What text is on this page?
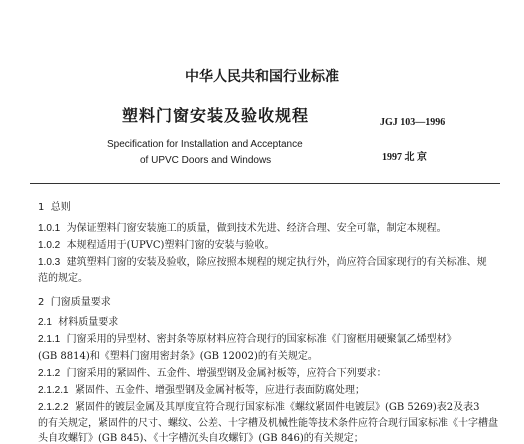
中华人民共和国行业标准
塑料门窗安装及验收规程	JGJ 103—1996
Specification for Installation and Acceptance
of UPVC Doors and Windows	1997 北 京
1 总则
1.0.1 为保证塑料门窗安装施工的质量，做到技术先进、经济合理、安全可靠，制定本规程。
1.0.2 本规程适用于(UPVC)塑料门窗的安装与验收。
1.0.3 建筑塑料门窗的安装及验收，除应按照本规程的规定执行外，尚应符合国家现行的有关标准、规
范的规定。
2 门窗质量要求
2.1 材料质量要求
2.1.1 门窗采用的异型材、密封条等原材料应符合现行的国家标准《门窗框用硬聚氯乙烯型材》
(GB 8814)和《塑料门窗用密封条》(GB 12002)的有关规定。
2.1.2 门窗采用的紧固件、五金件、增强型钢及金属衬板等，应符合下列要求：
2.1.2.1 紧固件、五金件、增强型钢及金属衬板等，应进行表面防腐处理；
2.1.2.2 紧固件的镀层金属及其厚度宜符合现行国家标准《螺纹紧固件电镀层》(GB 5269)表2及表3
的有关规定，紧固件的尺寸、螺纹、公差、十字槽及机械性能等技术条件应符合现行国家标准《十字槽盘
头自攻螺钉》(GB 845)、《十字槽沉头自攻螺钉》(GB 846)的有关规定；
